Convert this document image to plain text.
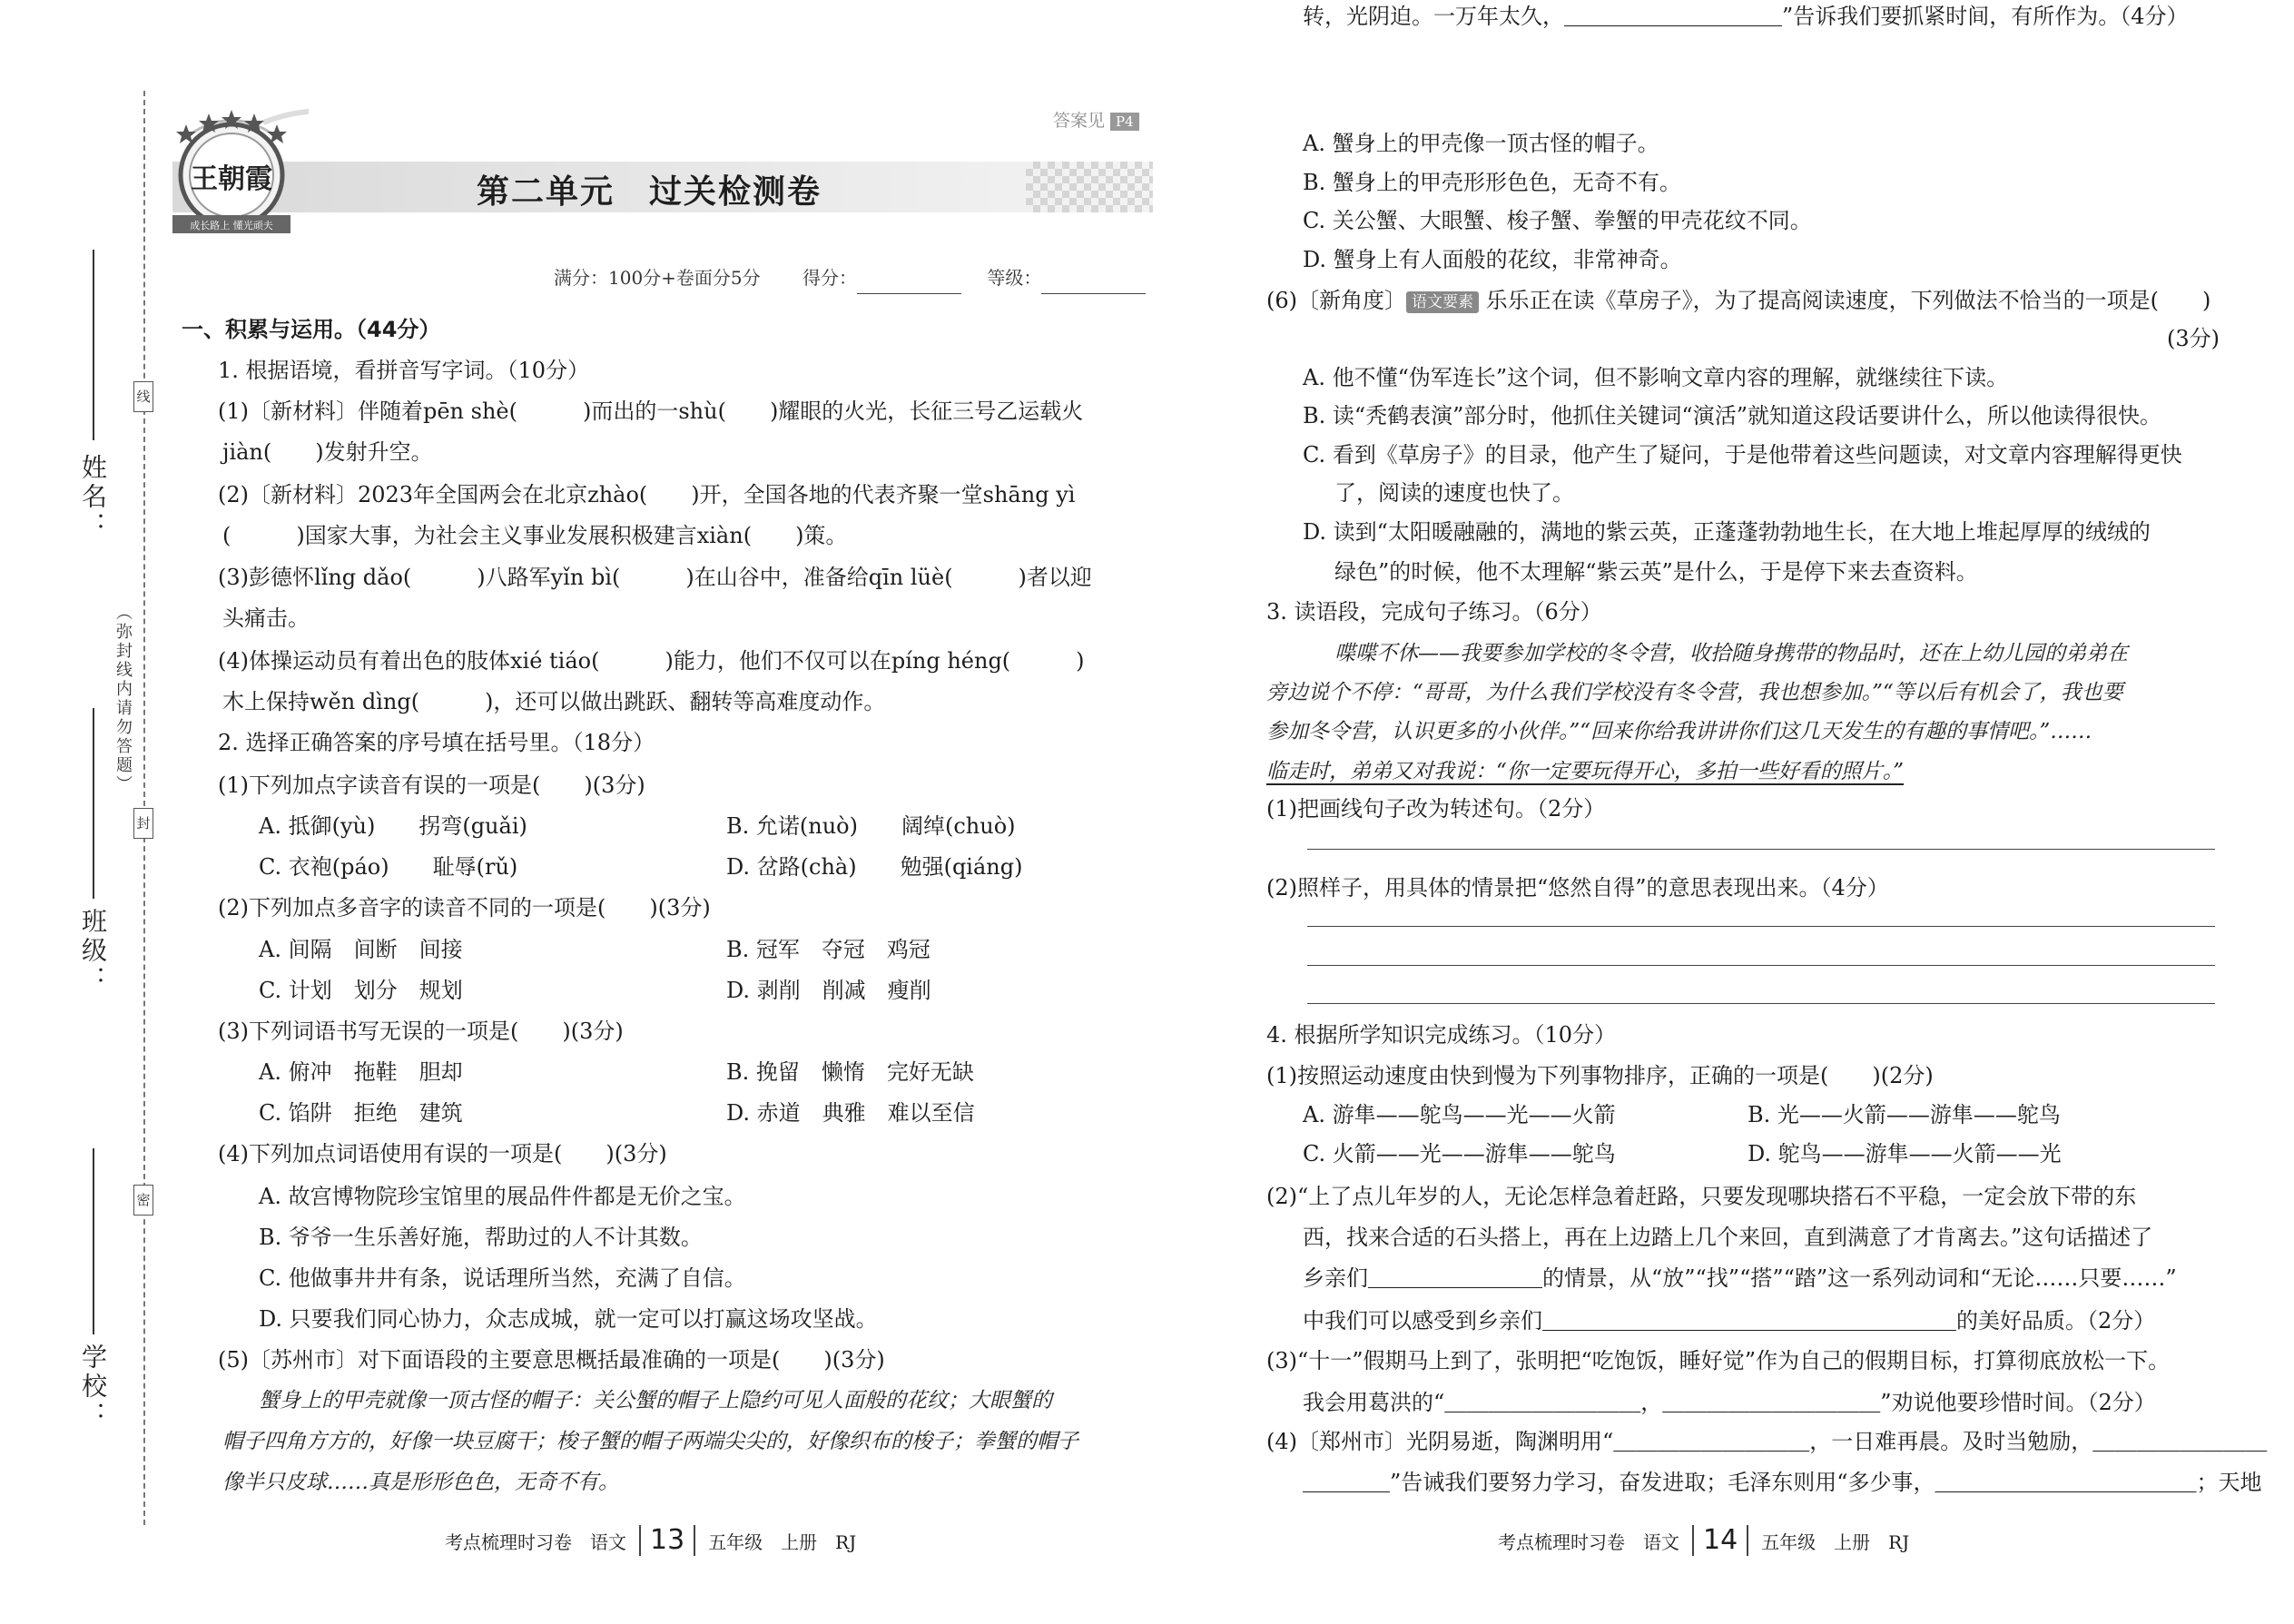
线
封
密
（弥封线内请勿答题）
姓名：
班级：
学校：
王朝霞
成长路上 懂光顽夫
答案见 P4
第二单元　过关检测卷
满分：100分+卷面分5分 得分：	等级：
一、积累与运用。（44分）
1. 根据语境，看拼音写字词。（10分）
(1)〔新材料〕伴随着pēn shè(　　　)而出的一shù(　　)耀眼的火光，长征三号乙运载火
jiàn(　　)发射升空。
(2)〔新材料〕2023年全国两会在北京zhào(　　)开，全国各地的代表齐聚一堂shāng yì
(　　　)国家大事，为社会主义事业发展积极建言xiàn(　　)策。
(3)彭德怀lǐng dǎo(　　　)八路军yǐn bì(　　　)在山谷中，准备给qīn lüè(　　　)者以迎
头痛击。
(4)体操运动员有着出色的肢体xié tiáo(　　　)能力，他们不仅可以在píng héng(　　　)
木上保持wěn dìng(　　　)，还可以做出跳跃、翻转等高难度动作。
2. 选择正确答案的序号填在括号里。（18分）
(1)下列加点字读音有误的一项是(　　)(3分)
A. 抵御(yù)　　拐弯(guǎi)	B. 允诺(nuò)　　阔绰(chuò)
C. 衣袍(páo)　　耻辱(rǔ)	D. 岔路(chà)　　勉强(qiáng)
(2)下列加点多音字的读音不同的一项是(　　)(3分)
A. 间隔　间断　间接	B. 冠军　夺冠　鸡冠
C. 计划　划分　规划	D. 剥削　削减　瘦削
(3)下列词语书写无误的一项是(　　)(3分)
A. 俯冲　拖鞋　胆却	B. 挽留　懒惰　完好无缺
C. 馅阱　拒绝　建筑	D. 赤道　典雅　难以至信
(4)下列加点词语使用有误的一项是(　　)(3分)
A. 故宫博物院珍宝馆里的展品件件都是无价之宝。
B. 爷爷一生乐善好施，帮助过的人不计其数。
C. 他做事井井有条，说话理所当然，充满了自信。
D. 只要我们同心协力，众志成城，就一定可以打赢这场攻坚战。
(5)〔苏州市〕对下面语段的主要意思概括最准确的一项是(　　)(3分)
蟹身上的甲壳就像一顶古怪的帽子：关公蟹的帽子上隐约可见人面般的花纹；大眼蟹的
帽子四角方方的，好像一块豆腐干；梭子蟹的帽子两端尖尖的，好像织布的梭子；拳蟹的帽子
像半只皮球……真是形形色色，无奇不有。
考点梳理时习卷　语文 13 五年级　上册　RJ
A. 蟹身上的甲壳像一顶古怪的帽子。
B. 蟹身上的甲壳形形色色，无奇不有。
C. 关公蟹、大眼蟹、梭子蟹、拳蟹的甲壳花纹不同。
D. 蟹身上有人面般的花纹，非常神奇。
(6)〔新角度〕 语文要素 乐乐正在读《草房子》，为了提高阅读速度，下列做法不恰当的一项是(　　)
(3分)
A. 他不懂“伪军连长”这个词，但不影响文章内容的理解，就继续往下读。
B. 读“秃鹤表演”部分时，他抓住关键词“演活”就知道这段话要讲什么，所以他读得很快。
C. 看到《草房子》的目录，他产生了疑问，于是他带着这些问题读，对文章内容理解得更快
了，阅读的速度也快了。
D. 读到“太阳暖融融的，满地的紫云英，正蓬蓬勃勃地生长，在大地上堆起厚厚的绒绒的
绿色”的时候，他不太理解“紫云英”是什么，于是停下来去查资料。
3. 读语段，完成句子练习。（6分）
喋喋不休——我要参加学校的冬令营，收拾随身携带的物品时，还在上幼儿园的弟弟在
旁边说个不停：“哥哥，为什么我们学校没有冬令营，我也想参加。”“等以后有机会了，我也要
参加冬令营，认识更多的小伙伴。”“回来你给我讲讲你们这几天发生的有趣的事情吧。”……
临走时，弟弟又对我说：“你一定要玩得开心，多拍一些好看的照片。”
(1)把画线句子改为转述句。（2分）
(2)照样子，用具体的情景把“悠然自得”的意思表现出来。（4分）
4. 根据所学知识完成练习。（10分）
(1)按照运动速度由快到慢为下列事物排序，正确的一项是(　　)(2分)
A. 游隼——鸵鸟——光——火箭	B. 光——火箭——游隼——鸵鸟
C. 火箭——光——游隼——鸵鸟	D. 鸵鸟——游隼——火箭——光
(2)“上了点儿年岁的人，无论怎样急着赶路，只要发现哪块搭石不平稳，一定会放下带的东
西，找来合适的石头搭上，再在上边踏上几个来回，直到满意了才肯离去。”这句话描述了
乡亲们＿＿＿＿＿＿＿＿的情景，从“放”“找”“搭”“踏”这一系列动词和“无论……只要……”
中我们可以感受到乡亲们＿＿＿＿＿＿＿＿＿＿＿＿＿＿＿＿＿＿＿的美好品质。（2分）
(3)“十一”假期马上到了，张明把“吃饱饭，睡好觉”作为自己的假期目标，打算彻底放松一下。
我会用葛洪的“＿＿＿＿＿＿＿＿＿，＿＿＿＿＿＿＿＿＿＿”劝说他要珍惜时间。（2分）
(4)〔郑州市〕光阴易逝，陶渊明用“＿＿＿＿＿＿＿＿＿，一日难再晨。及时当勉励，＿＿＿＿＿＿＿＿
＿＿＿＿”告诫我们要努力学习，奋发进取；毛泽东则用“多少事，＿＿＿＿＿＿＿＿＿＿＿＿；天地
转，光阴迫。一万年太久，＿＿＿＿＿＿＿＿＿＿”告诉我们要抓紧时间，有所作为。（4分）
考点梳理时习卷　语文 14 五年级　上册　RJ
